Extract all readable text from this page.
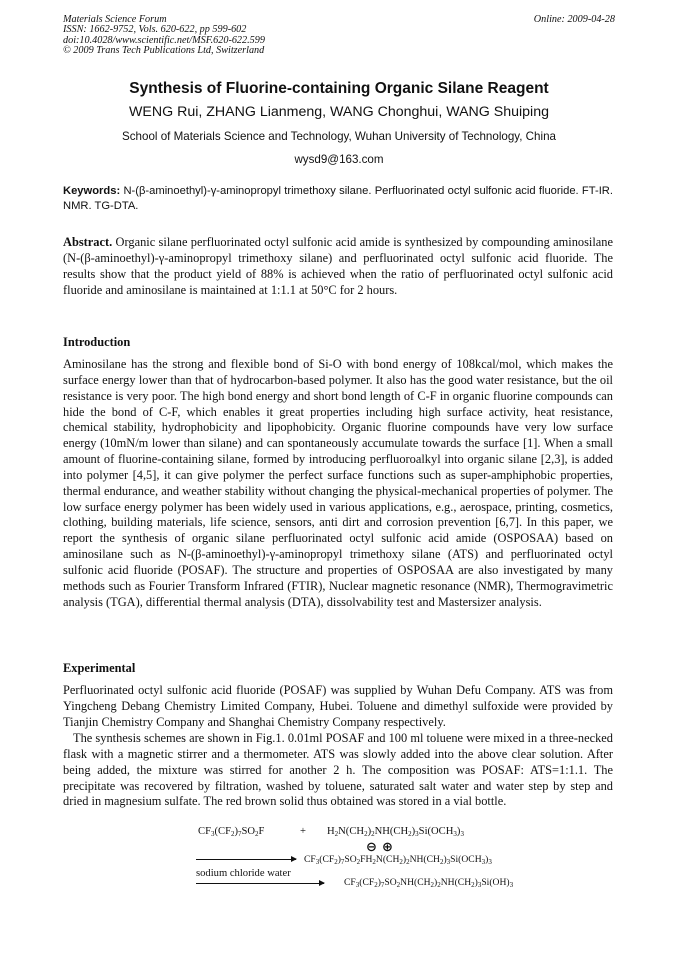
Materials Science Forum
ISSN: 1662-9752, Vols. 620-622, pp 599-602
doi:10.4028/www.scientific.net/MSF.620-622.599
© 2009 Trans Tech Publications Ltd, Switzerland
Online: 2009-04-28
Synthesis of Fluorine-containing Organic Silane Reagent
WENG Rui, ZHANG Lianmeng, WANG Chonghui, WANG Shuiping
School of Materials Science and Technology, Wuhan University of Technology, China
wysd9@163.com
Keywords: N-(β-aminoethyl)-γ-aminopropyl trimethoxy silane. Perfluorinated octyl sulfonic acid fluoride. FT-IR. NMR. TG-DTA.

Abstract. Organic silane perfluorinated octyl sulfonic acid amide is synthesized by compounding aminosilane (N-(β-aminoethyl)-γ-aminopropyl trimethoxy silane) and perfluorinated octyl sulfonic acid fluoride. The results show that the product yield of 88% is achieved when the ratio of perfluorinated octyl sulfonic acid fluoride and aminosilane is maintained at 1:1.1 at 50°C for 2 hours.

Introduction

Aminosilane has the strong and flexible bond of Si-O with bond energy of 108kcal/mol, which makes the surface energy lower than that of hydrocarbon-based polymer. It also has the good water resistance, but the oil resistance is very poor. The high bond energy and short bond length of C-F in organic fluorine compounds can hide the bond of C-F, which enables it great properties including high surface activity, heat resistance, chemical stability, hydrophobicity and lipophobicity. Organic fluorine compounds have very low surface energy (10mN/m lower than silane) and can spontaneously accumulate towards the surface [1]. When a small amount of fluorine-containing silane, formed by introducing perfluoroalkyl into organic silane [2,3], is added into polymer [4,5], it can give polymer the perfect surface functions such as super-amphiphobic properties, thermal endurance, and weather stability without changing the physical-mechanical properties of polymer. The low surface energy polymer has been widely used in various applications, e.g., aerospace, printing, cosmetics, clothing, building materials, life science, sensors, anti dirt and corrosion prevention [6,7]. In this paper, we report the synthesis of organic silane perfluorinated octyl sulfonic acid amide (OSPOSAA) based on aminosilane such as N-(β-aminoethyl)-γ-aminopropyl trimethoxy silane (ATS) and perfluorinated octyl sulfonic acid fluoride (POSAF). The structure and properties of OSPOSAA are also investigated by many methods such as Fourier Transform Infrared (FTIR), Nuclear magnetic resonance (NMR), Thermogravimetric analysis (TGA), differential thermal analysis (DTA), dissolvability test and Mastersizer analysis.

Experimental

Perfluorinated octyl sulfonic acid fluoride (POSAF) was supplied by Wuhan Defu Company. ATS was from Yingcheng Debang Chemistry Limited Company, Hubei. Toluene and dimethyl sulfoxide were provided by Tianjin Chemistry Company and Shanghai Chemistry Company respectively.

The synthesis schemes are shown in Fig.1. 0.01ml POSAF and 100 ml toluene were mixed in a three-necked flask with a magnetic stirrer and a thermometer. ATS was slowly added into the above clear solution. After being added, the mixture was stirred for another 2 h. The composition was POSAF: ATS=1:1.1. The precipitate was recovered by filtration, washed by toluene, saturated salt water and water step by step and dried in magnesium sulfate. The red brown solid thus obtained was stored in a vial bottle.

$CF_3(CF_2)_7SO_2F$	+ $H_2N(CH_2)_2NH(CH_2)_3Si(OCH_3)_3$
⊖ ⊕
$CF_3(CF_2)_7SO_2FH_2N(CH_2)_2NH(CH_2)_3Si(OCH_3)_3$
sodium chloride water
$CF_3(CF_2)_7SO_2NH(CH_2)_2NH(CH_2)_3Si(OH)_3$
